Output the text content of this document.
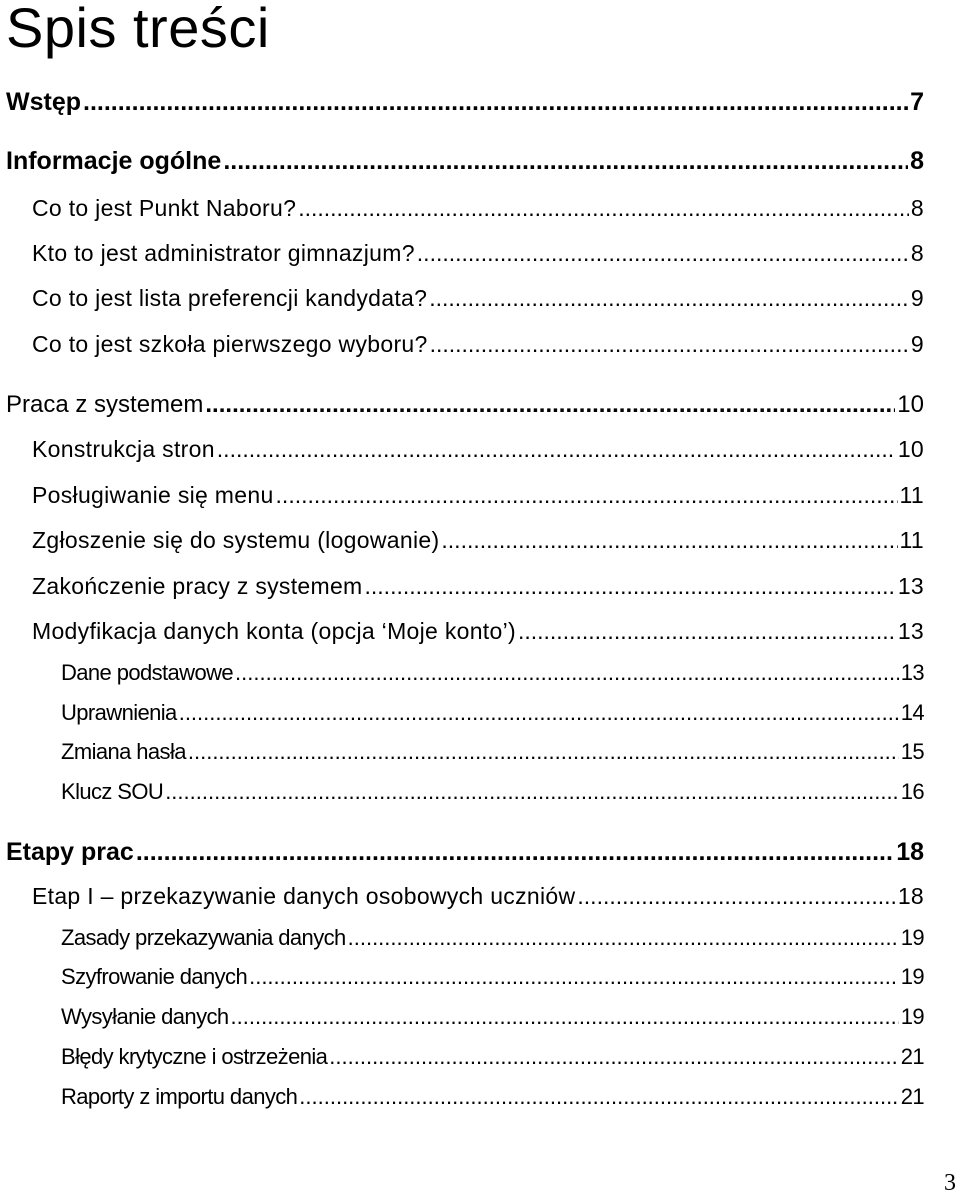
Spis treści
Wstęp .....	7
Informacje ogólne .....	8
Co to jest Punkt Naboru? .....	8
Kto to jest administrator gimnazjum? .....	8
Co to jest lista preferencji kandydata? .....	9
Co to jest szkoła pierwszego wyboru? .....	9
Praca z systemem .....	10
Konstrukcja stron .....	10
Posługiwanie się menu .....	11
Zgłoszenie się do systemu (logowanie) .....	11
Zakończenie pracy z systemem .....	13
Modyfikacja danych konta (opcja ‘Moje konto’) .....	13
Dane podstawowe .....	13
Uprawnienia .....	14
Zmiana hasła .....	15
Klucz SOU .....	16
Etapy prac .....	18
Etap I – przekazywanie danych osobowych uczniów .....	18
Zasady przekazywania danych .....	19
Szyfrowanie danych .....	19
Wysyłanie danych .....	19
Błędy krytyczne i ostrzeżenia .....	21
Raporty z importu danych .....	21
3
